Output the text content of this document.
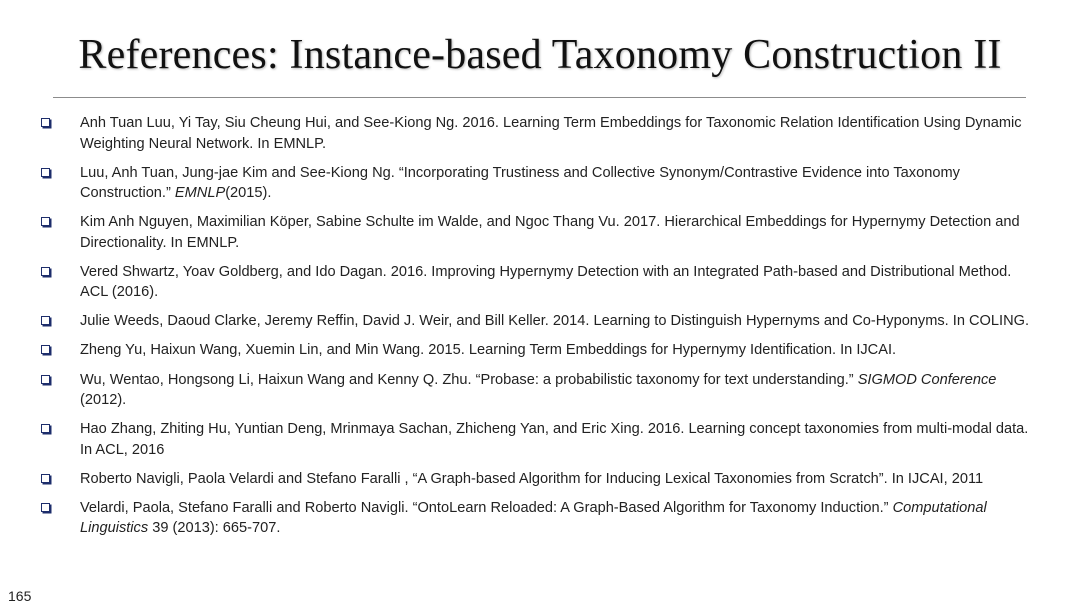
References: Instance-based Taxonomy Construction II
Anh Tuan Luu, Yi Tay, Siu Cheung Hui, and See-Kiong Ng. 2016. Learning Term Embeddings for Taxonomic Relation Identification Using Dynamic Weighting Neural Network. In EMNLP.
Luu, Anh Tuan, Jung-jae Kim and See-Kiong Ng. “Incorporating Trustiness and Collective Synonym/Contrastive Evidence into Taxonomy Construction.” EMNLP(2015).
Kim Anh Nguyen, Maximilian Köper, Sabine Schulte im Walde, and Ngoc Thang Vu. 2017. Hierarchical Embeddings for Hypernymy Detection and Directionality. In EMNLP.
Vered Shwartz, Yoav Goldberg, and Ido Dagan. 2016. Improving Hypernymy Detection with an Integrated Path-based and Distributional Method. ACL (2016).
Julie Weeds, Daoud Clarke, Jeremy Reffin, David J. Weir, and Bill Keller. 2014. Learning to Distinguish Hypernyms and Co-Hyponyms. In COLING.
Zheng Yu, Haixun Wang, Xuemin Lin, and Min Wang. 2015. Learning Term Embeddings for Hypernymy Identification. In IJCAI.
Wu, Wentao, Hongsong Li, Haixun Wang and Kenny Q. Zhu. “Probase: a probabilistic taxonomy for text understanding.” SIGMOD Conference (2012).
Hao Zhang, Zhiting Hu, Yuntian Deng, Mrinmaya Sachan, Zhicheng Yan, and Eric Xing. 2016. Learning concept taxonomies from multi-modal data. In ACL, 2016
Roberto Navigli, Paola Velardi and Stefano Faralli , “A Graph-based Algorithm for Inducing Lexical Taxonomies from Scratch”. In IJCAI, 2011
Velardi, Paola, Stefano Faralli and Roberto Navigli. “OntoLearn Reloaded: A Graph-Based Algorithm for Taxonomy Induction.” Computational Linguistics 39 (2013): 665-707.
165
